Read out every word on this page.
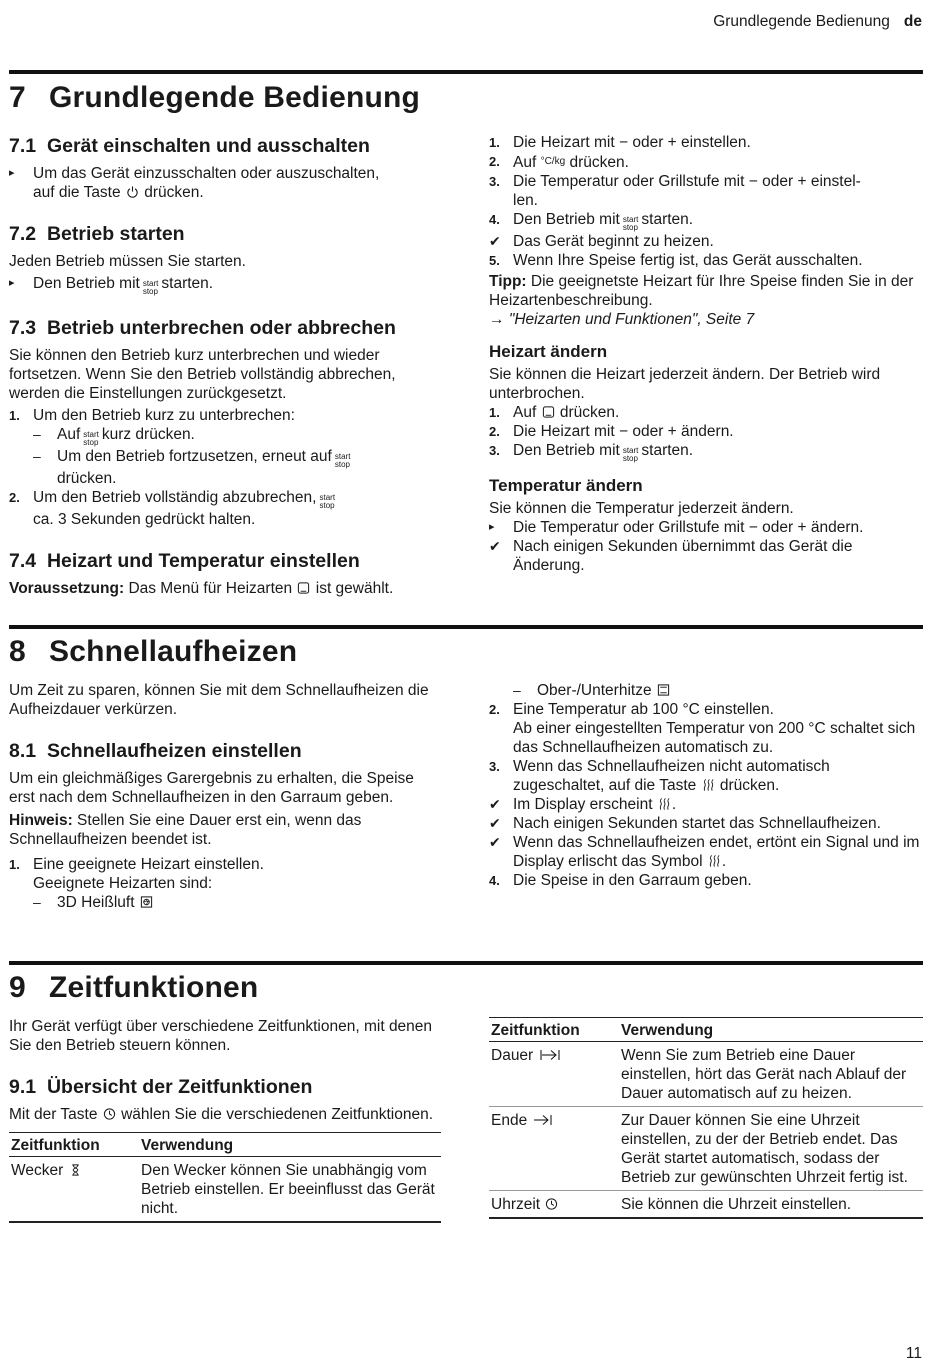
Grundlegende Bedienung de
7 Grundlegende Bedienung
7.1 Gerät einschalten und ausschalten
▸	Um das Gerät einzusschalten oder auszuschalten,
auf die Taste drücken.
7.2 Betrieb starten
Jeden Betrieb müssen Sie starten.
▸	Den Betrieb mit start
stop starten.
7.3 Betrieb unterbrechen oder abbrechen
Sie können den Betrieb kurz unterbrechen und wieder fortsetzen. Wenn Sie den Betrieb vollständig abbrechen, werden die Einstellungen zurückgesetzt.
1. Um den Betrieb kurz zu unterbrechen:
–	Auf start
stop kurz drücken.
–	Um den Betrieb fortzusetzen, erneut auf start
stop

drücken.
2. Um den Betrieb vollständig abzubrechen, start
stop

ca. 3 Sekunden gedrückt halten.
7.4 Heizart und Temperatur einstellen
Voraussetzung: Das Menü für Heizarten ist gewählt.
1. Die Heizart mit − oder + einstellen.
2. Auf °C/kg drücken.
3. Die Temperatur oder Grillstufe mit − oder + einstel-
len.
4. Den Betrieb mit start
stop starten.
✔ Das Gerät beginnt zu heizen.
5. Wenn Ihre Speise fertig ist, das Gerät ausschalten.
Tipp: Die geeignetste Heizart für Ihre Speise finden Sie in der Heizartenbeschreibung.
→ "Heizarten und Funktionen", Seite 7
Heizart ändern
Sie können die Heizart jederzeit ändern. Der Betrieb wird unterbrochen.
1. Auf drücken.
2. Die Heizart mit − oder + ändern.
3. Den Betrieb mit start
stop starten.
Temperatur ändern
Sie können die Temperatur jederzeit ändern.
▸	Die Temperatur oder Grillstufe mit − oder + ändern.
✔ Nach einigen Sekunden übernimmt das Gerät die Änderung.
8 Schnellaufheizen
Um Zeit zu sparen, können Sie mit dem Schnellaufheizen die Aufheizdauer verkürzen.
8.1 Schnellaufheizen einstellen
Um ein gleichmäßiges Garergebnis zu erhalten, die Speise erst nach dem Schnellaufheizen in den Garraum geben.
Hinweis: Stellen Sie eine Dauer erst ein, wenn das Schnellaufheizen beendet ist.
1. Eine geeignete Heizart einstellen.
Geeignete Heizarten sind:
–	3D Heißluft
–	Ober-/Unterhitze
2. Eine Temperatur ab 100 °C einstellen.
Ab einer eingestellten Temperatur von 200 °C schaltet sich das Schnellaufheizen automatisch zu.
3. Wenn das Schnellaufheizen nicht automatisch zugeschaltet, auf die Taste drücken.
✔ Im Display erscheint .
✔ Nach einigen Sekunden startet das Schnellaufheizen.
✔ Wenn das Schnellaufheizen endet, ertönt ein Signal und im Display erlischt das Symbol .
4. Die Speise in den Garraum geben.
9 Zeitfunktionen
Ihr Gerät verfügt über verschiedene Zeitfunktionen, mit denen Sie den Betrieb steuern können.
9.1 Übersicht der Zeitfunktionen
Mit der Taste wählen Sie die verschiedenen Zeitfunktionen.
Zeitfunktion	Verwendung
Wecker	Den Wecker können Sie unabhängig vom Betrieb einstellen. Er beeinflusst das Gerät nicht.
Zeitfunktion	Verwendung
Dauer	Wenn Sie zum Betrieb eine Dauer einstellen, hört das Gerät nach Ablauf der Dauer automatisch auf zu heizen.
Ende	Zur Dauer können Sie eine Uhrzeit einstellen, zu der der Betrieb endet. Das Gerät startet automatisch, sodass der Betrieb zur gewünschten Uhrzeit fertig ist.
Uhrzeit	Sie können die Uhrzeit einstellen.
11
